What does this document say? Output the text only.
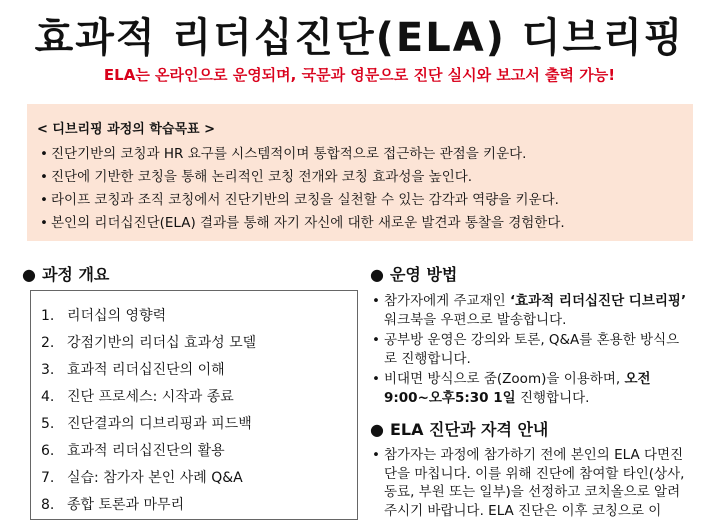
효과적 리더십진단(ELA) 디브리핑
ELA는 온라인으로 운영되며, 국문과 영문으로 진단 실시와 보고서 출력 가능!
< 디브리핑 과정의 학습목표 >
• 진단기반의 코칭과 HR 요구를 시스템적이며 통합적으로 접근하는 관점을 키운다.
• 진단에 기반한 코칭을 통해 논리적인 코칭 전개와 코칭 효과성을 높인다.
• 라이프 코칭과 조직 코칭에서 진단기반의 코칭을 실천할 수 있는 감각과 역량을 키운다.
• 본인의 리더십진단(ELA) 결과를 통해 자기 자신에 대한 새로운 발견과 통찰을 경험한다.
● 과정 개요
1. 리더십의 영향력
2. 강점기반의 리더십 효과성 모델
3. 효과적 리더십진단의 이해
4. 진단 프로세스: 시작과 종료
5. 진단결과의 디브리핑과 피드백
6. 효과적 리더십진단의 활용
7. 실습: 참가자 본인 사례 Q&A
8. 종합 토론과 마무리
● 운영 방법
• 참가자에게 주교재인 ‘효과적 리더십진단 디브리핑’ 워크북을 우편으로 발송합니다.
• 공부방 운영은 강의와 토론, Q&A를 혼용한 방식으로 진행합니다.
• 비대면 방식으로 줌(Zoom)을 이용하며, 오전9:00~오후5:30 1일 진행합니다.
● ELA 진단과 자격 안내
• 참가자는 과정에 참가하기 전에 본인의 ELA 다면진단을 마칩니다. 이를 위해 진단에 참여할 타인(상사, 동료, 부원 또는 일부)을 선정하고 코치올으로 알려주시기 바랍니다. ELA 진단은 이후 코칭으로 이
